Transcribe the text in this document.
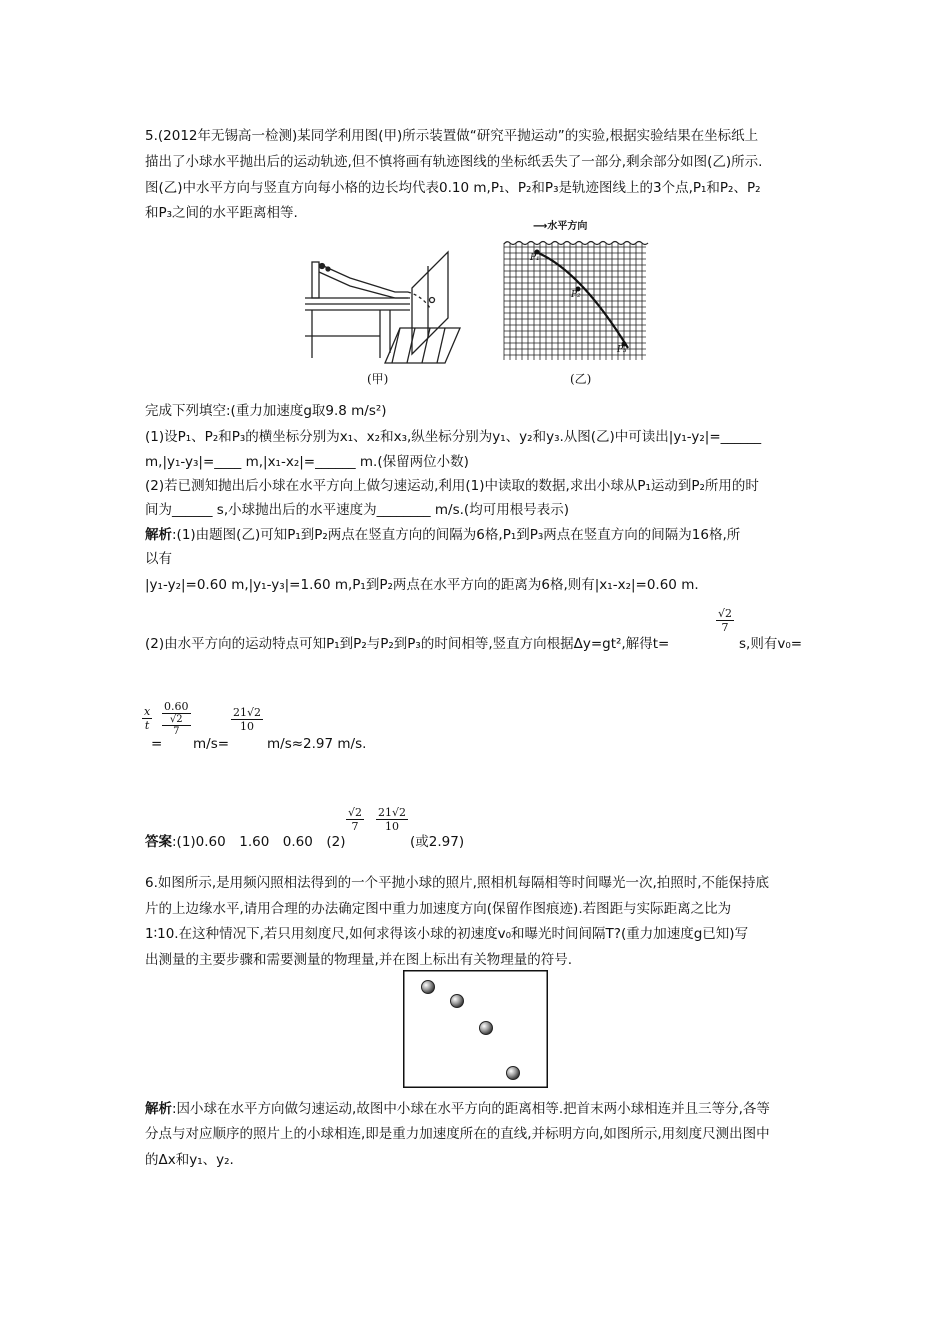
5.(2012年无锡高一检测)某同学利用图(甲)所示装置做“研究平抛运动”的实验,根据实验结果在坐标纸上
描出了小球水平抛出后的运动轨迹,但不慎将画有轨迹图线的坐标纸丢失了一部分,剩余部分如图(乙)所示.
图(乙)中水平方向与竖直方向每小格的边长均代表0.10 m,P₁、P₂和P₃是轨迹图线上的3个点,P₁和P₂、P₂
和P₃之间的水平距离相等.
(甲)
P₁
P₂
P₃
⟶水平方向
(乙)
完成下列填空:(重力加速度g取9.8 m/s²)
(1)设P₁、P₂和P₃的横坐标分别为x₁、x₂和x₃,纵坐标分别为y₁、y₂和y₃.从图(乙)中可读出|y₁-y₂|=______
m,|y₁-y₃|=____ m,|x₁-x₂|=______ m.(保留两位小数)
(2)若已测知抛出后小球在水平方向上做匀速运动,利用(1)中读取的数据,求出小球从P₁运动到P₂所用的时
间为______ s,小球抛出后的水平速度为________ m/s.(均可用根号表示)
解析:(1)由题图(乙)可知P₁到P₂两点在竖直方向的间隔为6格,P₁到P₃两点在竖直方向的间隔为16格,所
以有
|y₁-y₂|=0.60 m,|y₁-y₃|=1.60 m,P₁到P₂两点在水平方向的距离为6格,则有|x₁-x₂|=0.60 m.
(2)由水平方向的运动特点可知P₁到P₂与P₂到P₃的时间相等,竖直方向根据Δy=gt²,解得t=
$\frac{√2}{7}$
s,则有v₀=
$\frac{x}{t}$
=
0.60
√2
7
m/s=
$\frac{21√2}{10}$
m/s≈2.97 m/s.
答案:(1)0.60　1.60　0.60　(2)
$\frac{√2}{7} \frac{21√2}{10}$
(或2.97)
6.如图所示,是用频闪照相法得到的一个平抛小球的照片,照相机每隔相等时间曝光一次,拍照时,不能保持底
片的上边缘水平,请用合理的办法确定图中重力加速度方向(保留作图痕迹).若图距与实际距离之比为
1∶10.在这种情况下,若只用刻度尺,如何求得该小球的初速度v₀和曝光时间间隔T?(重力加速度g已知)写
出测量的主要步骤和需要测量的物理量,并在图上标出有关物理量的符号.
解析:因小球在水平方向做匀速运动,故图中小球在水平方向的距离相等.把首末两小球相连并且三等分,各等
分点与对应顺序的照片上的小球相连,即是重力加速度所在的直线,并标明方向,如图所示,用刻度尺测出图中
的Δx和y₁、y₂.
